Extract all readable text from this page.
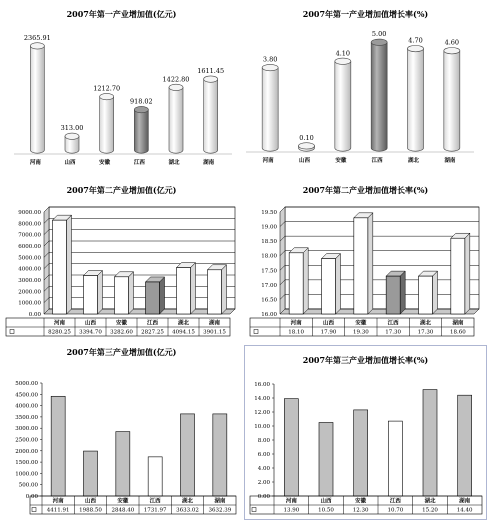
2007年第一产业增加值(亿元)
2365.91
河南
313.00
山西
1212.70
安徽
918.02
江西
1422.80
湖北
1611.45
湖南
2007年第一产业增加值增长率(%)
3.80
河南
0.10
山西
4.10
安徽
5.00
江西
4.70
湖北
4.60
湖南
2007年第二产业增加值(亿元)
0.00
1000.00
2000.00
3000.00
4000.00
5000.00
6000.00
7000.00
8000.00
9000.00
河南
8280.25
山西
3394.70
安徽
3282.60
江西
2827.25
湖北
4094.15
湖南
3901.15
2007年第二产业增加值增长率(%)
16.00
16.50
17.00
17.50
18.00
18.50
19.00
19.50
河南
18.10
山西
17.90
安徽
19.30
江西
17.30
湖北
17.30
湖南
18.60
2007年第三产业增加值(亿元)
0.00
500.00
1000.00
1500.00
2000.00
2500.00
3000.00
3500.00
4000.00
4500.00
5000.00
河南
4411.91
山西
1988.50
安徽
2848.40
江西
1731.97
湖北
3633.02
湖南
3632.39
2007年第三产业增加值增长率(%)
0.00
2.00
4.00
6.00
8.00
10.00
12.00
14.00
16.00
河南
13.90
山西
10.50
安徽
12.30
江西
10.70
湖北
15.20
湖南
14.40
